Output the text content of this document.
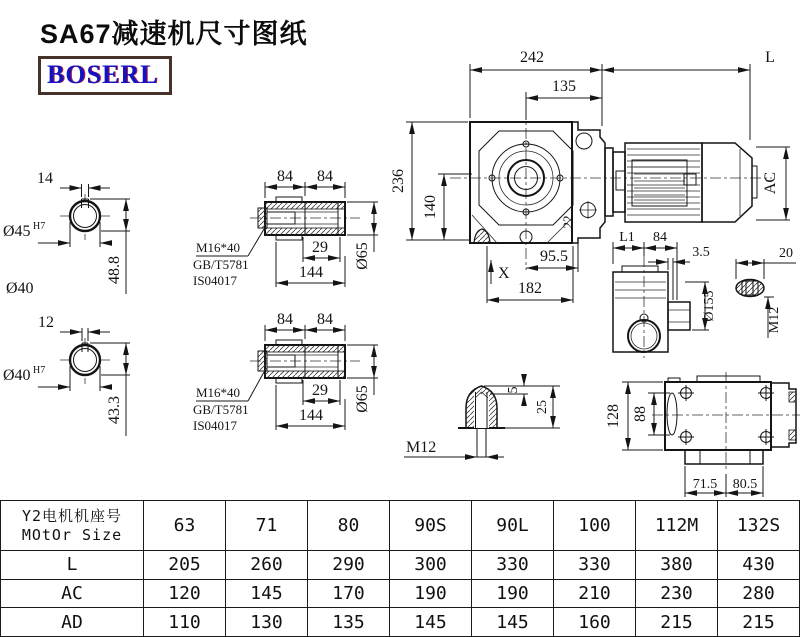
SA67减速机尺寸图纸
BOSERL
22
242	L
135
236
140
AC
95.5
X
182
14
Ø45 H7
48.8
Ø40
12
Ø40 H7
43.3
84 84
Ø65
29
144
M16*40
GB/T5781
IS04017
84 84
Ø65
29
144
M16*40
GB/T5781
IS04017
L1 84
3.5
Ø155
20
M12
5
25
M12
128 88
71.5 80.5
Y2电机机座号
MOtOr Size	63	71	80	90S	90L	100	112M	132S
L	205	260	290	300	330	330	380	430
AC	120	145	170	190	190	210	230	280
AD	110	130	135	145	145	160	215	215
